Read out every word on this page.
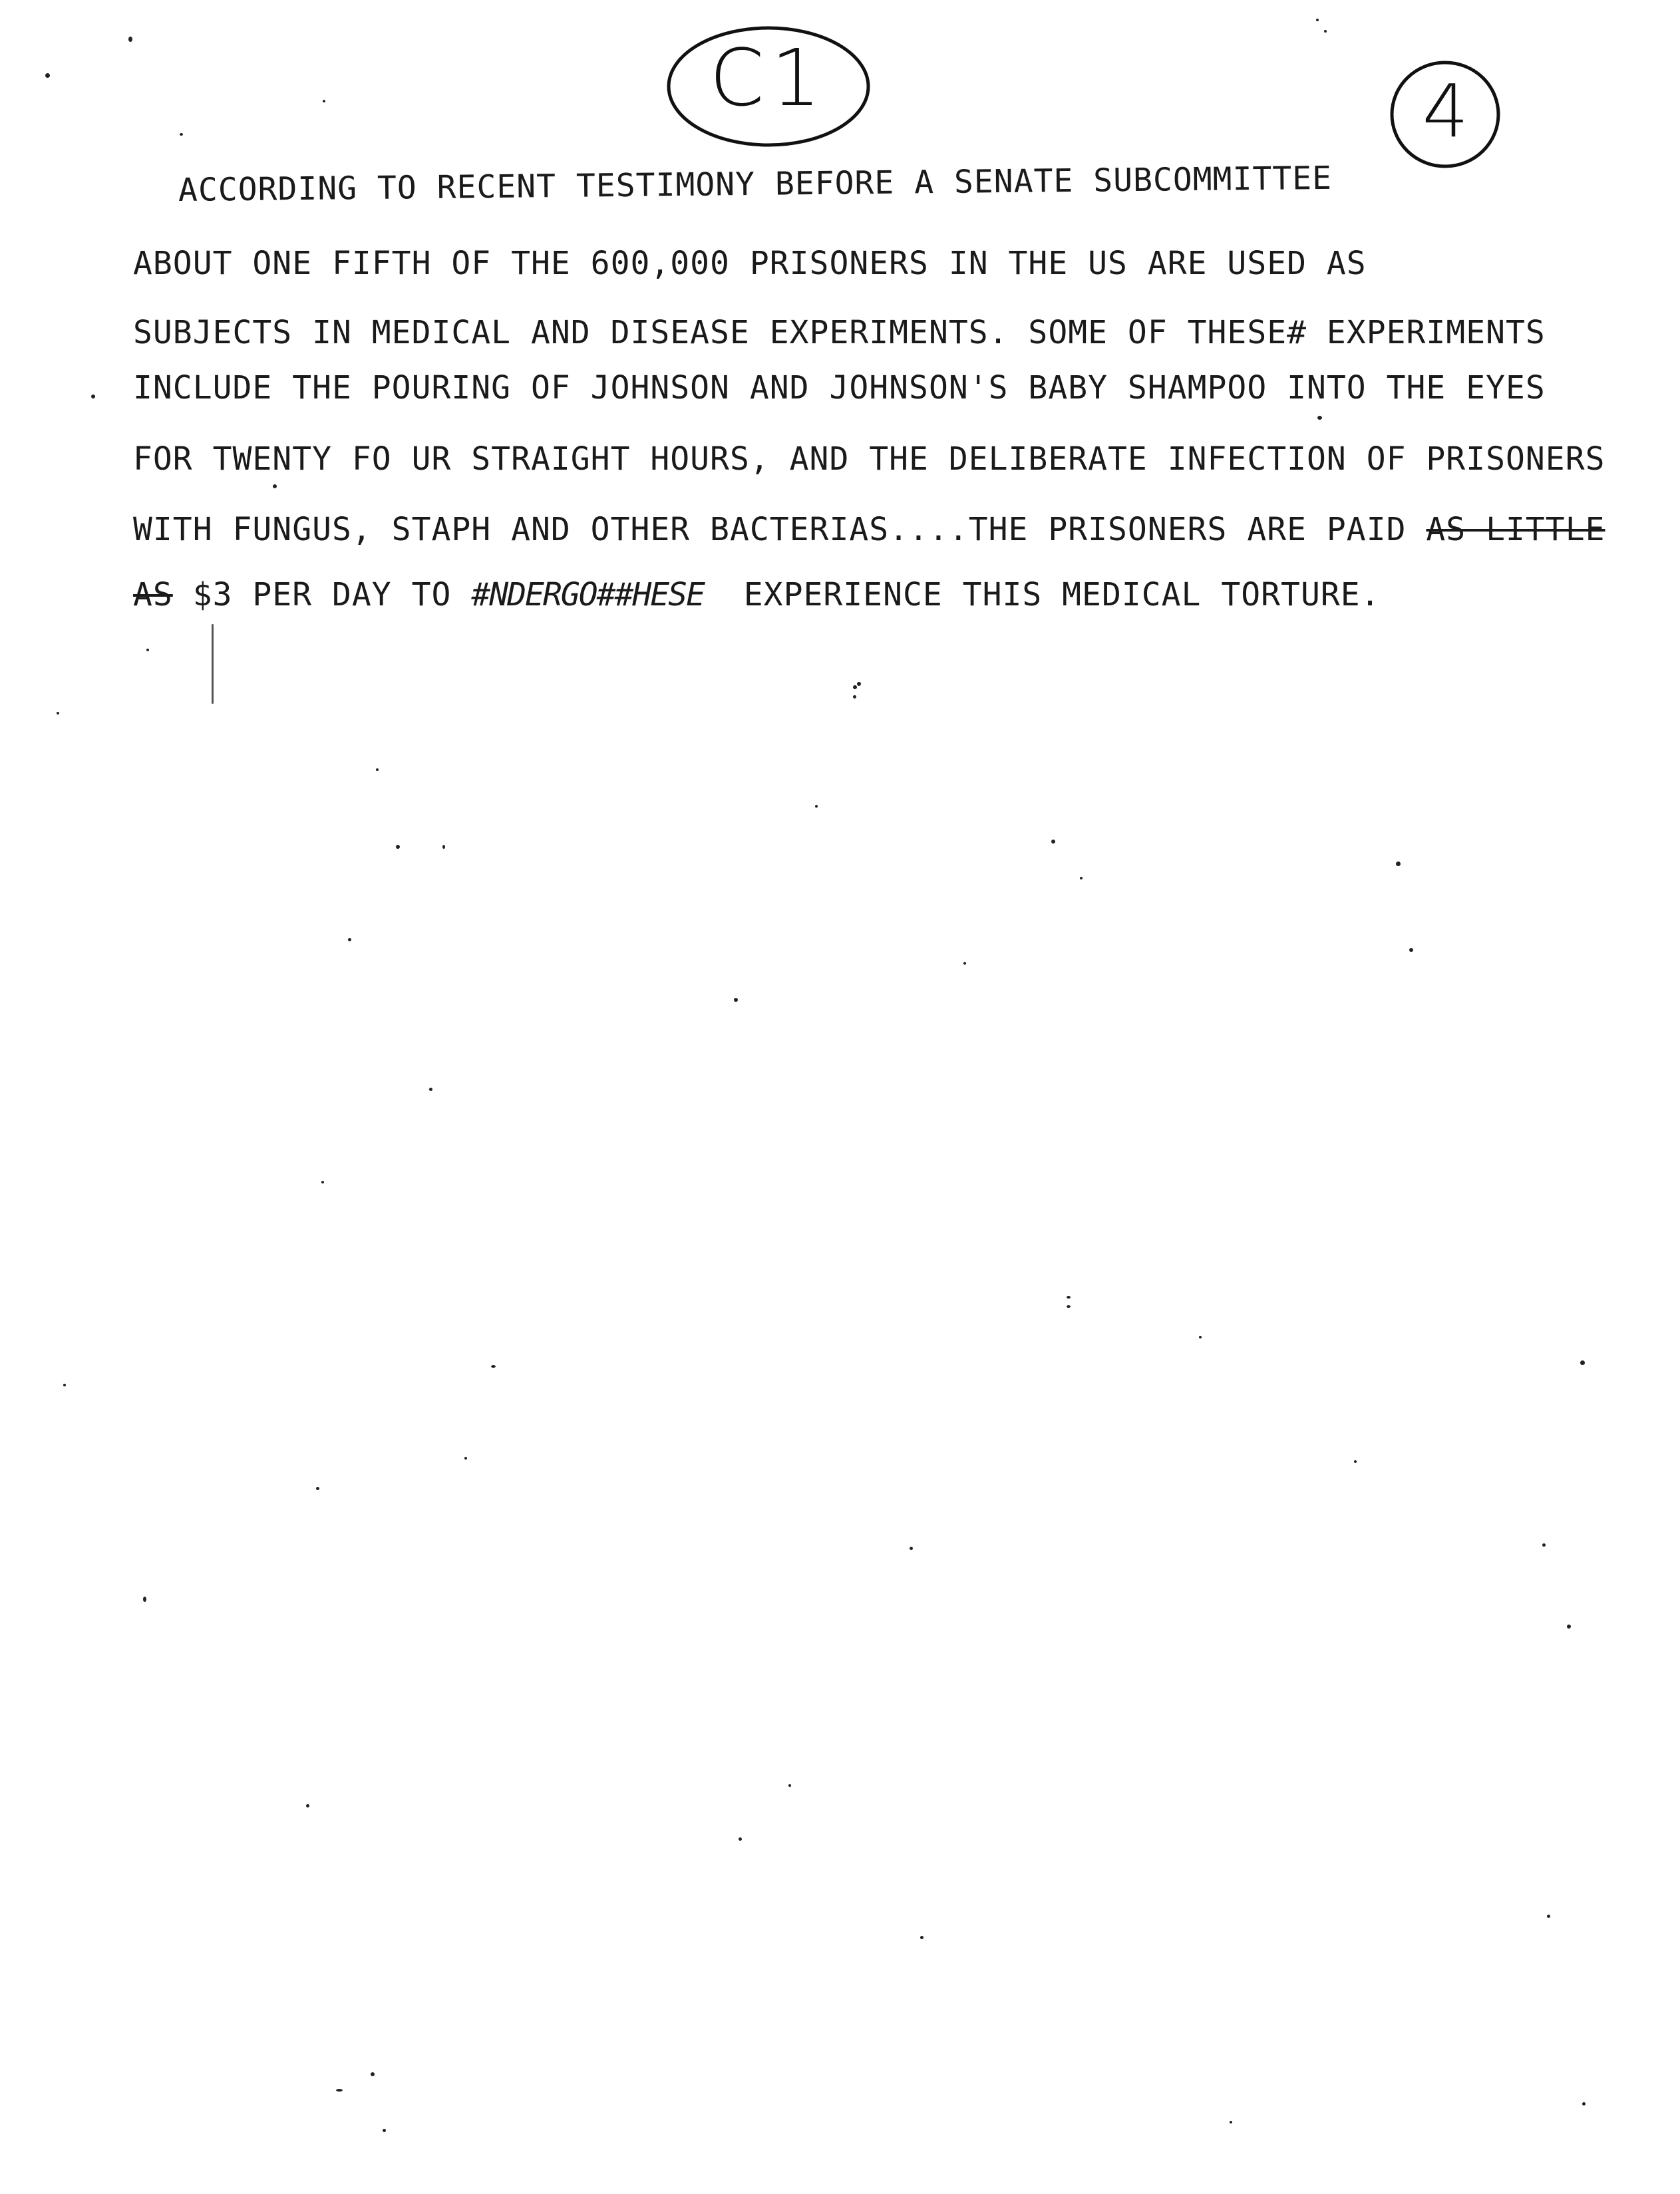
C1	4
ACCORDING TO RECENT TESTIMONY BEFORE A SENATE SUBCOMMITTEE
ABOUT ONE FIFTH OF THE 600,000 PRISONERS IN THE US ARE USED AS
SUBJECTS IN MEDICAL AND DISEASE EXPERIMENTS. SOME OF THESE# EXPERIMENTS
INCLUDE THE POURING OF JOHNSON AND JOHNSON'S BABY SHAMPOO INTO THE EYES
FOR TWENTY FO UR STRAIGHT HOURS, AND THE DELIBERATE INFECTION OF PRISONERS
WITH FUNGUS, STAPH AND OTHER BACTERIAS....THE PRISONERS ARE PAID AS LITTLE
AS $3 PER DAY TO #NDERGO##HESE EXPERIENCE THIS MEDICAL TORTURE.
